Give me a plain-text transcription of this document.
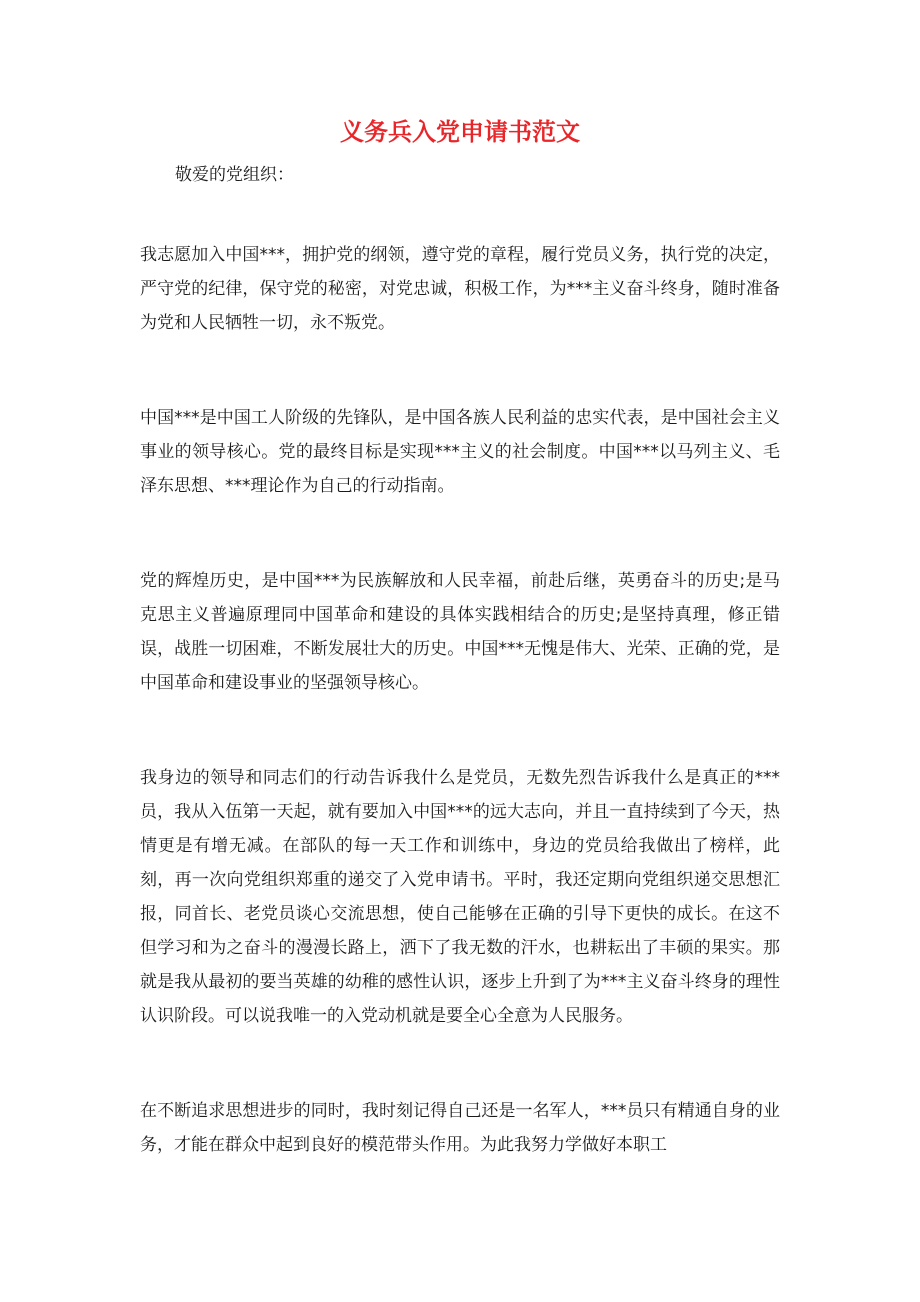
义务兵入党申请书范文

敬爱的党组织：

我志愿加入中国***，拥护党的纲领，遵守党的章程，履行党员义务，执行党的决定，严守党的纪律，保守党的秘密，对党忠诚，积极工作，为***主义奋斗终身，随时准备为党和人民牺牲一切，永不叛党。

中国***是中国工人阶级的先锋队，是中国各族人民利益的忠实代表，是中国社会主义事业的领导核心。党的最终目标是实现***主义的社会制度。中国***以马列主义、毛泽东思想、***理论作为自己的行动指南。

党的辉煌历史，是中国***为民族解放和人民幸福，前赴后继，英勇奋斗的历史;是马克思主义普遍原理同中国革命和建设的具体实践相结合的历史;是坚持真理，修正错误，战胜一切困难，不断发展壮大的历史。中国***无愧是伟大、光荣、正确的党，是中国革命和建设事业的坚强领导核心。

我身边的领导和同志们的行动告诉我什么是党员，无数先烈告诉我什么是真正的***员，我从入伍第一天起，就有要加入中国***的远大志向，并且一直持续到了今天，热情更是有增无减。在部队的每一天工作和训练中，身边的党员给我做出了榜样，此刻，再一次向党组织郑重的递交了入党申请书。平时，我还定期向党组织递交思想汇报，同首长、老党员谈心交流思想，使自己能够在正确的引导下更快的成长。在这不但学习和为之奋斗的漫漫长路上，洒下了我无数的汗水，也耕耘出了丰硕的果实。那就是我从最初的要当英雄的幼稚的感性认识，逐步上升到了为***主义奋斗终身的理性认识阶段。可以说我唯一的入党动机就是要全心全意为人民服务。

在不断追求思想进步的同时，我时刻记得自己还是一名军人，***员只有精通自身的业务，才能在群众中起到良好的模范带头作用。为此我努力学做好本职工
